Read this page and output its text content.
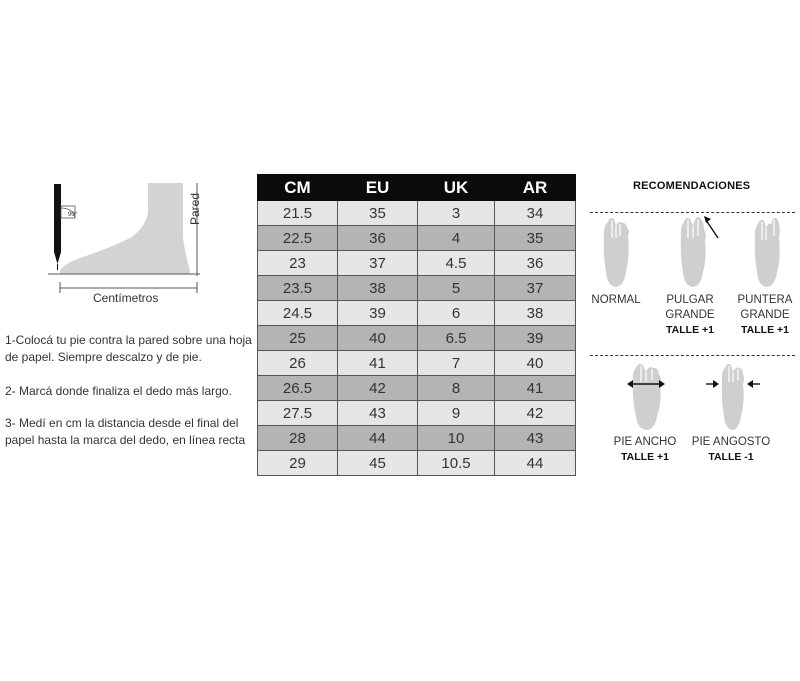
90°
Centímetros
Pared
1-Colocá tu pie contra la pared sobre una hoja de papel. Siempre descalzo y de pie.
2- Marcá donde finaliza el dedo más largo.
3- Medí en cm la distancia desde el final del papel hasta la marca del dedo, en línea recta
CM	EU	UK	AR
21.5	35	3	34
22.5	36	4	35
23	37	4.5	36
23.5	38	5	37
24.5	39	6	38
25	40	6.5	39
26	41	7	40
26.5	42	8	41
27.5	43	9	42
28	44	10	43
29	45	10.5	44
RECOMENDACIONES
NORMAL	PULGAR
GRANDE
TALLE +1
PUNTERA
GRANDE
TALLE +1
PIE ANCHO
TALLE +1
PIE ANGOSTO
TALLE -1
